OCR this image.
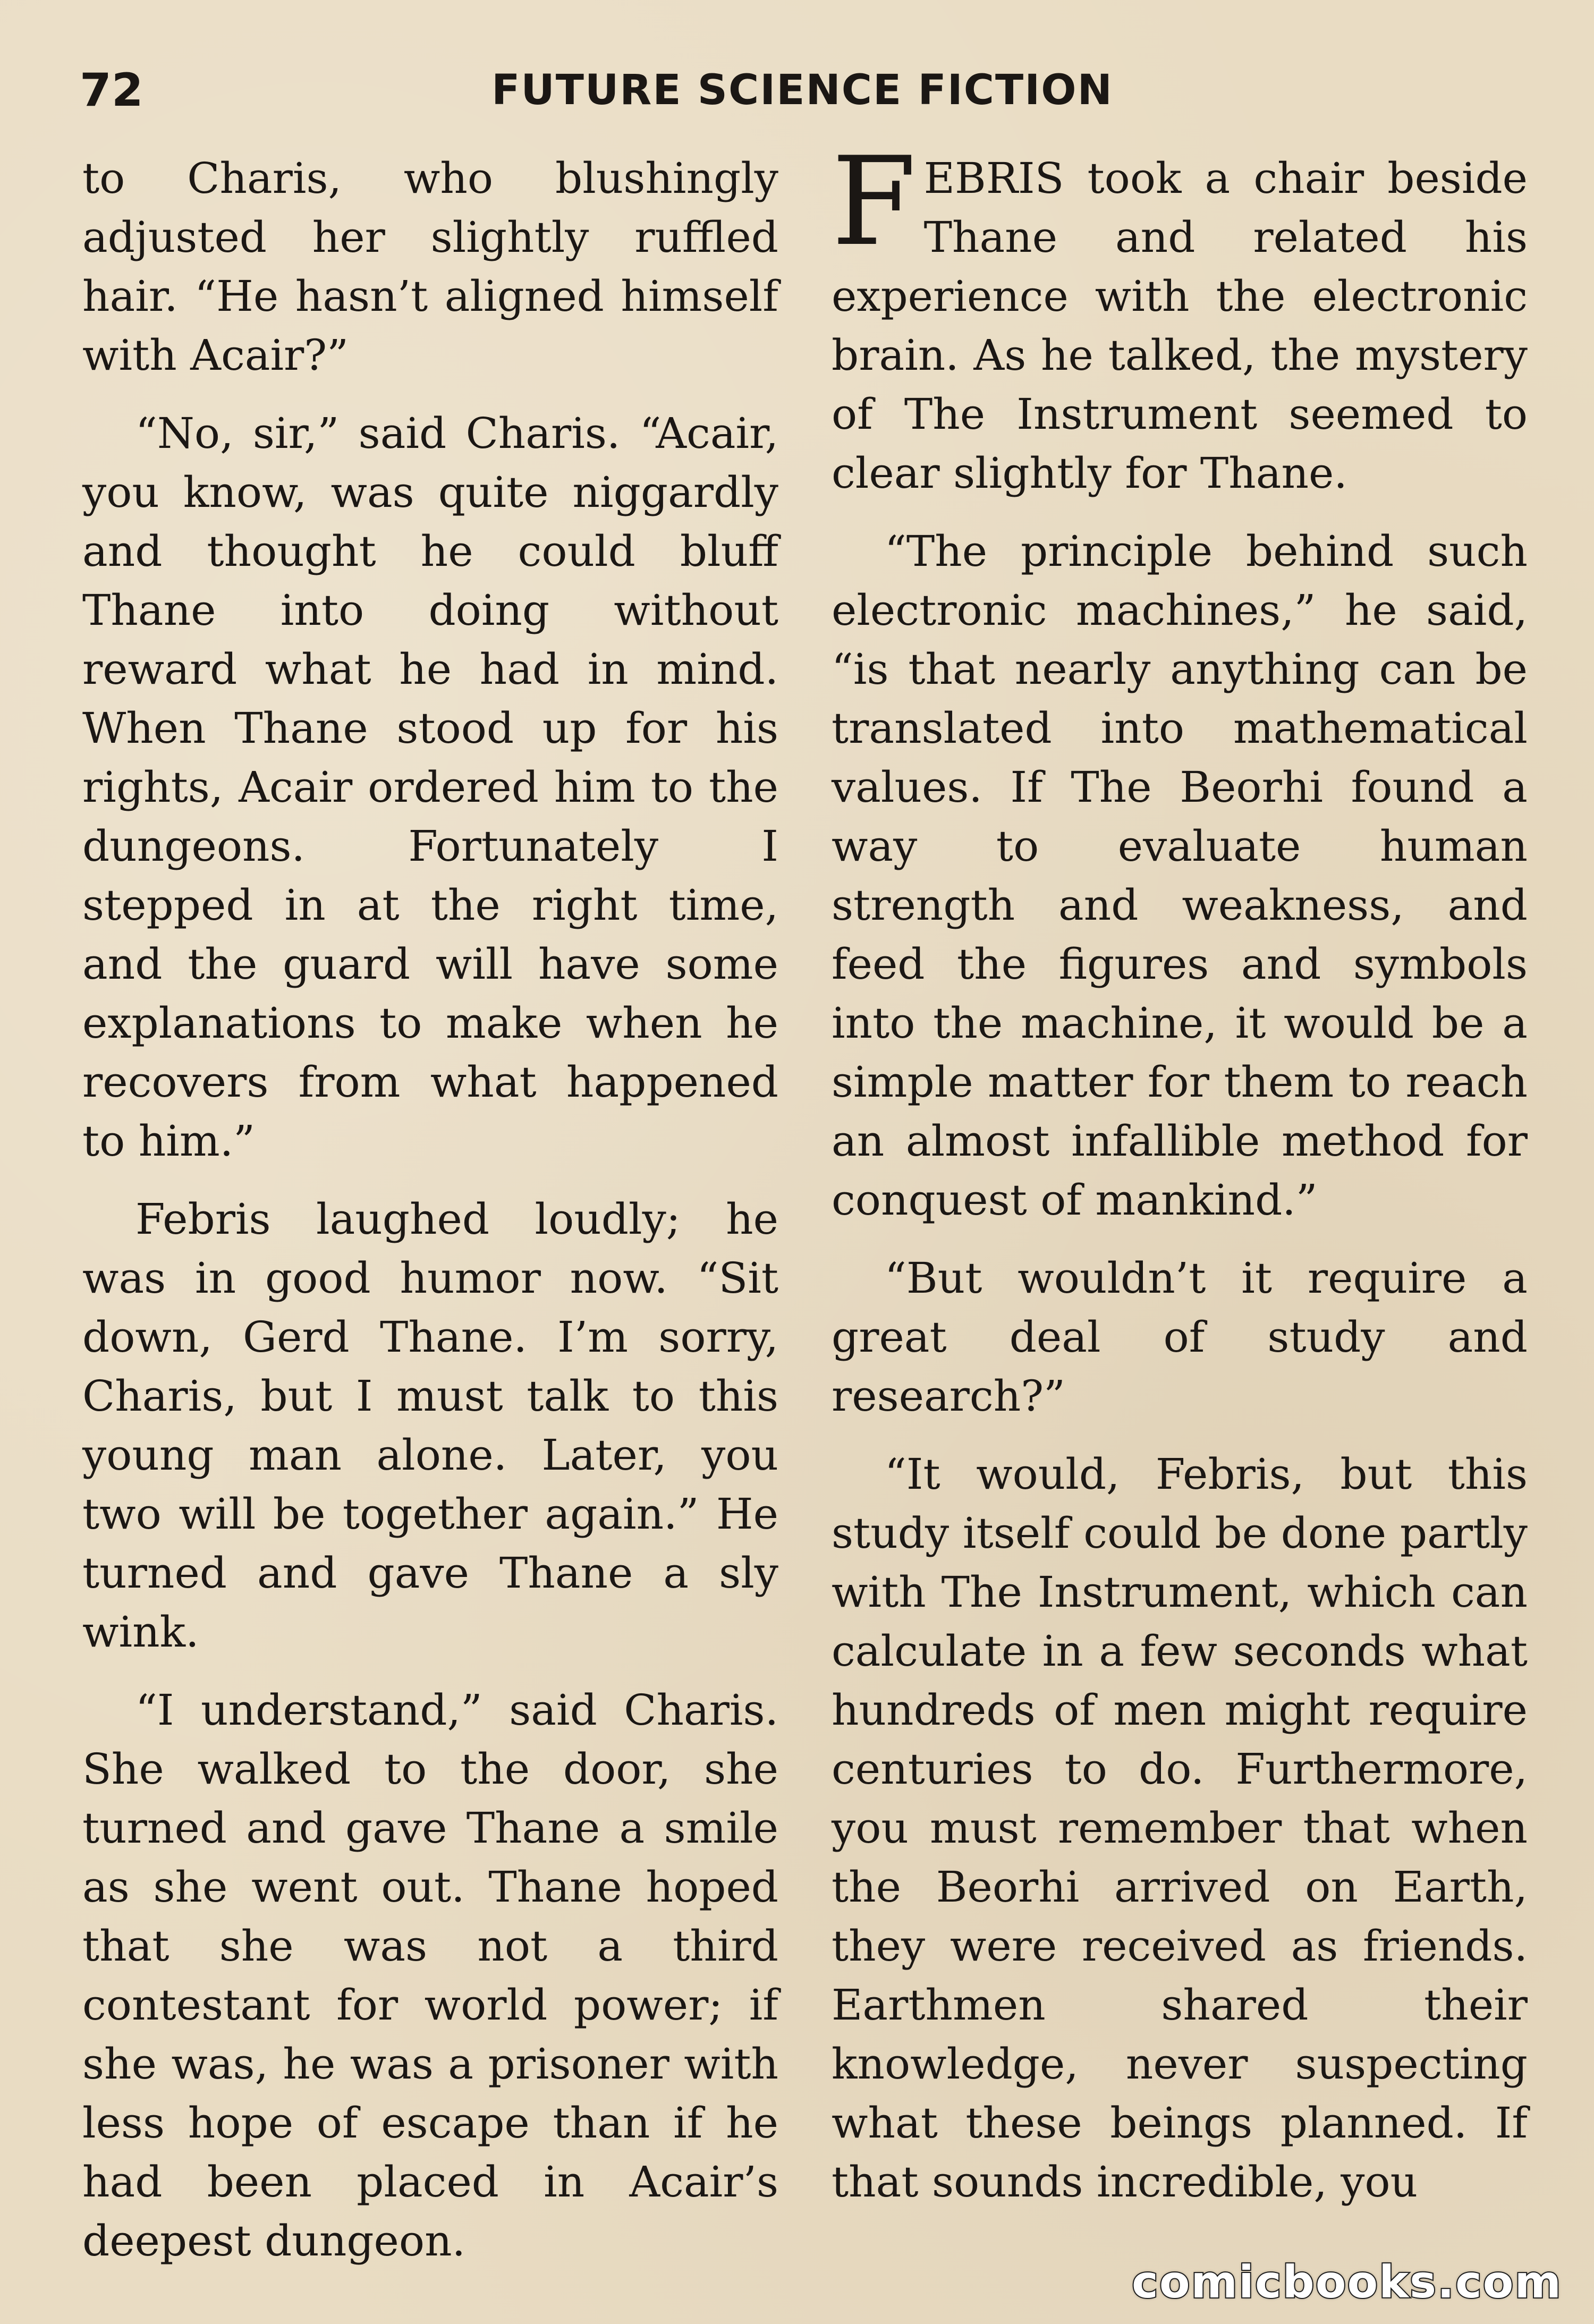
72	FUTURE SCIENCE FICTION

to Charis, who blushingly adjusted her slightly ruffled hair. “He hasn’t aligned himself with Acair?”

“No, sir,” said Charis. “Acair, you know, was quite niggardly and thought he could bluff Thane into doing without reward what he had in mind. When Thane stood up for his rights, Acair ordered him to the dungeons. Fortunately I stepped in at the right time, and the guard will have some explanations to make when he recovers from what happened to him.”

Febris laughed loudly; he was in good humor now. “Sit down, Gerd Thane. I’m sorry, Charis, but I must talk to this young man alone. Later, you two will be together again.” He turned and gave Thane a sly wink.

“I understand,” said Charis. She walked to the door, she turned and gave Thane a smile as she went out. Thane hoped that she was not a third contestant for world power; if she was, he was a prisoner with less hope of escape than if he had been placed in Acair’s deepest dungeon.

FEBRIS took a chair beside Thane and related his experience with the electronic brain. As he talked, the mystery of The Instrument seemed to clear slightly for Thane.

“The principle behind such electronic machines,” he said, “is that nearly anything can be translated into mathematical values. If The Beorhi found a way to evaluate human strength and weakness, and feed the figures and symbols into the machine, it would be a simple matter for them to reach an almost infallible method for conquest of mankind.”

“But wouldn’t it require a great deal of study and research?”

“It would, Febris, but this study itself could be done partly with The Instrument, which can calculate in a few seconds what hundreds of men might require centuries to do. Furthermore, you must remember that when the Beorhi arrived on Earth, they were received as friends. Earthmen shared their knowledge, never suspecting what these beings planned. If that sounds incredible, you

comicbooks.com
